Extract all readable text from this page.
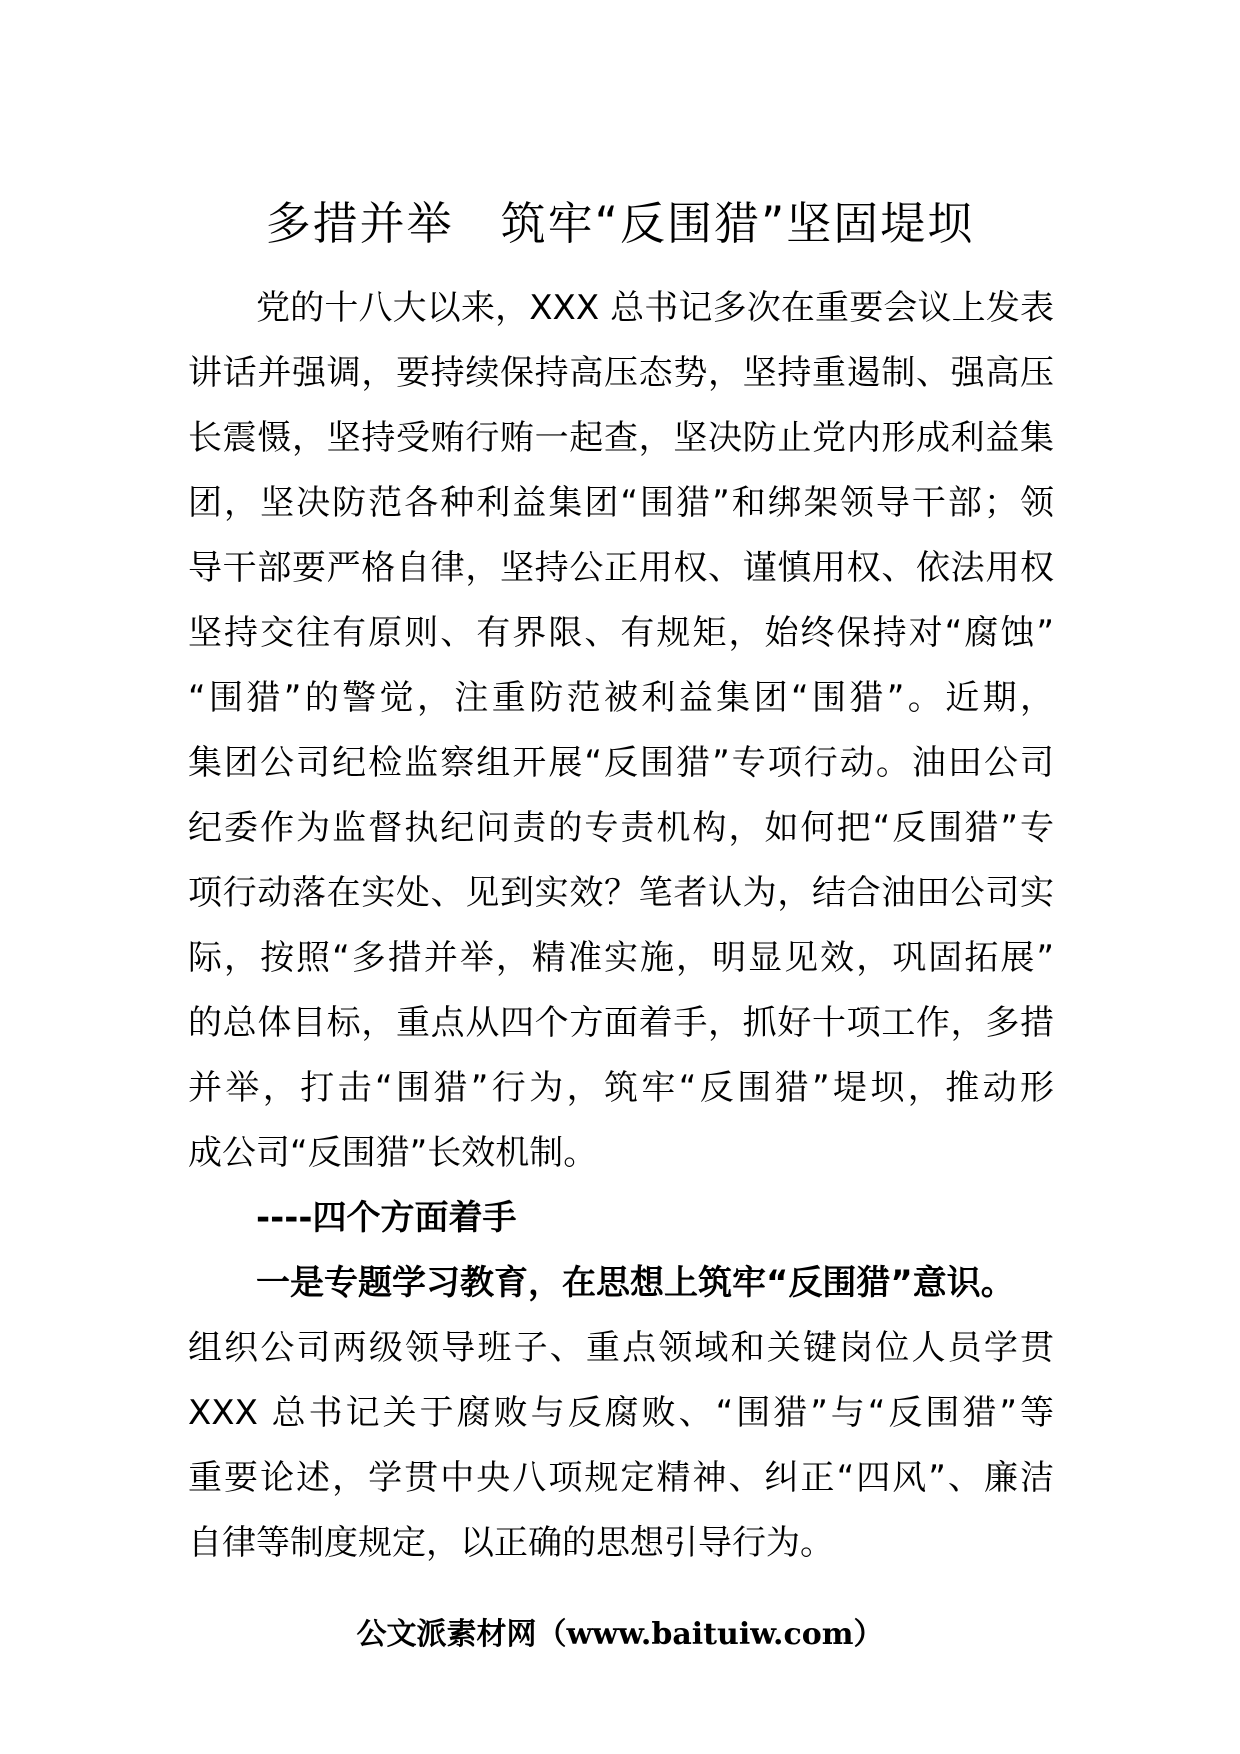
多措并举　筑牢“反围猎”坚固堤坝
党的十八大以来，XXX 总书记多次在重要会议上发表
讲话并强调，要持续保持高压态势，坚持重遏制、强高压
长震慑，坚持受贿行贿一起查，坚决防止党内形成利益集
团，坚决防范各种利益集团“围猎”和绑架领导干部；领
导干部要严格自律，坚持公正用权、谨慎用权、依法用权
坚持交往有原则、有界限、有规矩，始终保持对“腐蚀”
“围猎”的警觉，注重防范被利益集团“围猎”。近期，
集团公司纪检监察组开展“反围猎”专项行动。油田公司
纪委作为监督执纪问责的专责机构，如何把“反围猎”专
项行动落在实处、见到实效？笔者认为，结合油田公司实
际，按照“多措并举，精准实施，明显见效，巩固拓展”
的总体目标，重点从四个方面着手，抓好十项工作，多措
并举，打击“围猎”行为，筑牢“反围猎”堤坝，推动形
成公司“反围猎”长效机制。
----四个方面着手
一是专题学习教育，在思想上筑牢“反围猎”意识。
组织公司两级领导班子、重点领域和关键岗位人员学贯
XXX 总书记关于腐败与反腐败、“围猎”与“反围猎”等
重要论述，学贯中央八项规定精神、纠正“四风”、廉洁
自律等制度规定，以正确的思想引导行为。
公文派素材网（www.baituiw.com）
